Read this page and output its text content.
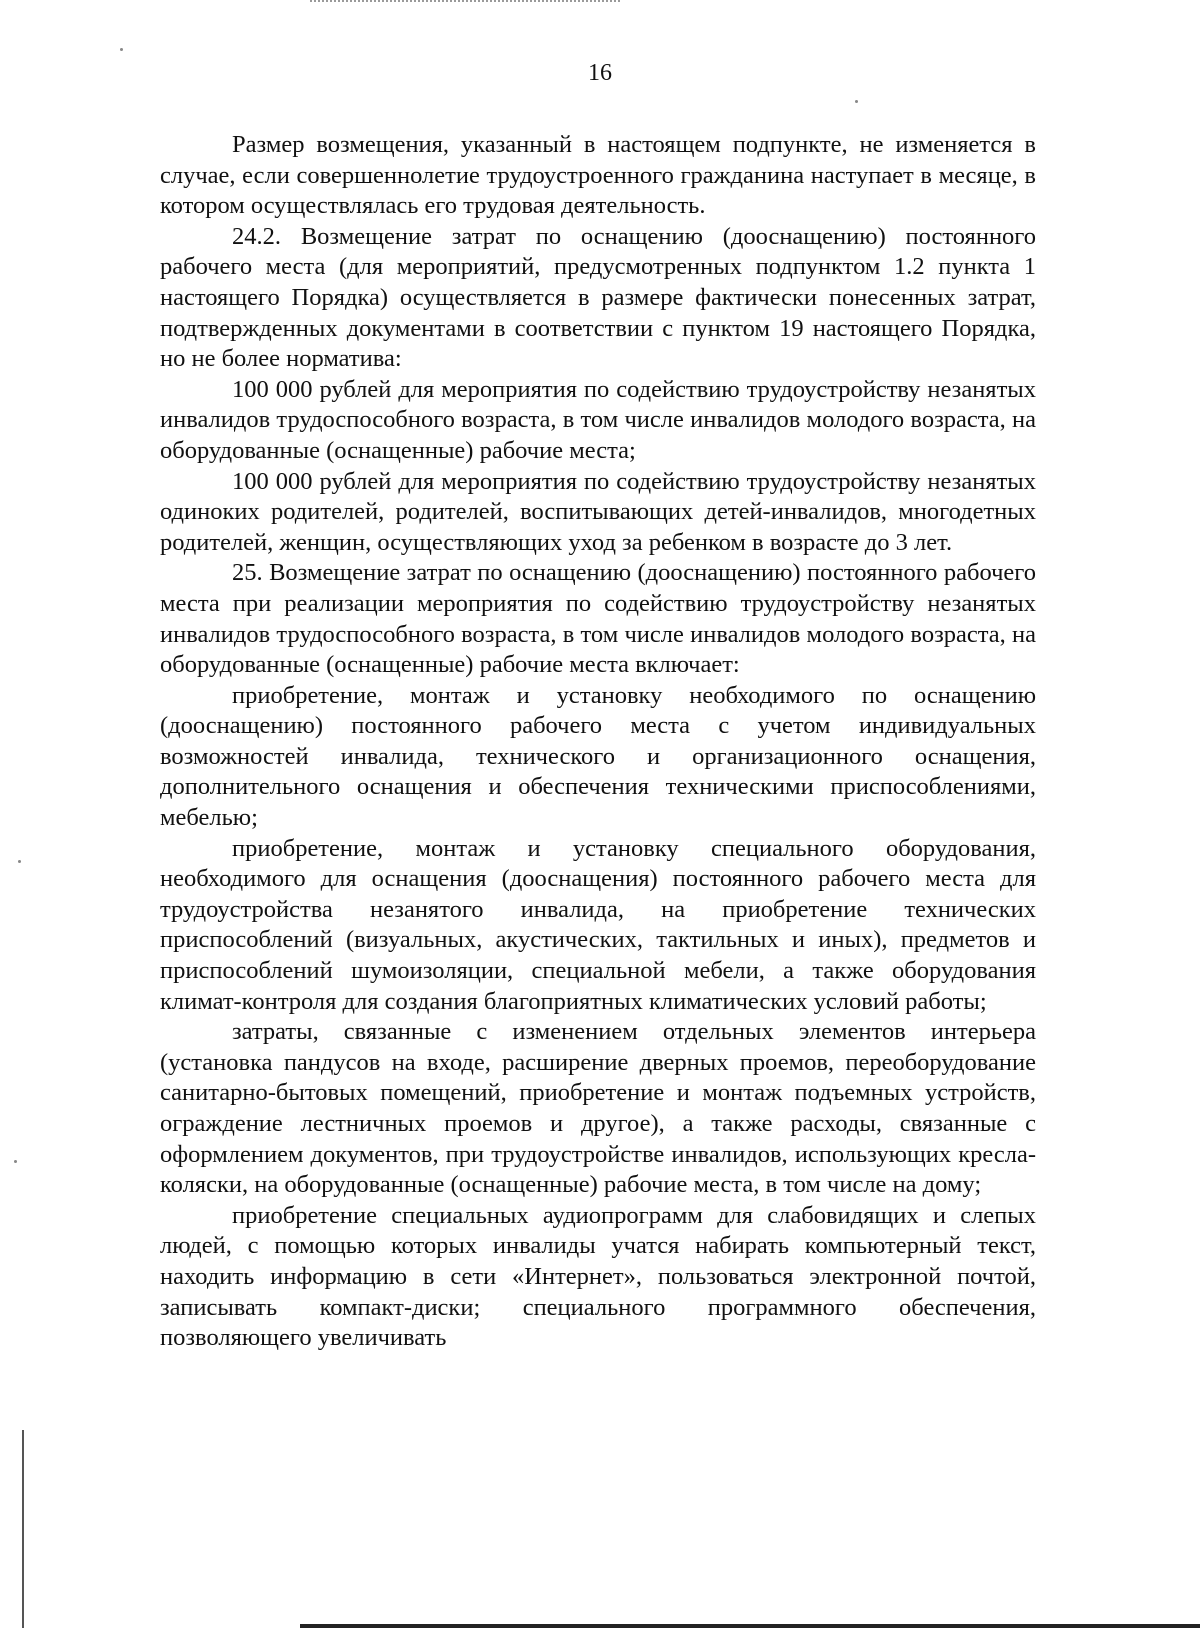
16

Размер возмещения, указанный в настоящем подпункте, не изменяется в случае, если совершеннолетие трудоустроенного гражданина наступает в месяце, в котором осуществлялась его трудовая деятельность.

24.2. Возмещение затрат по оснащению (дооснащению) постоянного рабочего места (для мероприятий, предусмотренных подпунктом 1.2 пункта 1 настоящего Порядка) осуществляется в размере фактически понесенных затрат, подтвержденных документами в соответствии с пунктом 19 настоящего Порядка, но не более норматива:

100 000 рублей для мероприятия по содействию трудоустройству незанятых инвалидов трудоспособного возраста, в том числе инвалидов молодого возраста, на оборудованные (оснащенные) рабочие места;

100 000 рублей для мероприятия по содействию трудоустройству незанятых одиноких родителей, родителей, воспитывающих детей-инвалидов, многодетных родителей, женщин, осуществляющих уход за ребенком в возрасте до 3 лет.

25. Возмещение затрат по оснащению (дооснащению) постоянного рабочего места при реализации мероприятия по содействию трудоустройству незанятых инвалидов трудоспособного возраста, в том числе инвалидов молодого возраста, на оборудованные (оснащенные) рабочие места включает:

приобретение, монтаж и установку необходимого по оснащению (дооснащению) постоянного рабочего места с учетом индивидуальных возможностей инвалида, технического и организационного оснащения, дополнительного оснащения и обеспечения техническими приспособлениями, мебелью;

приобретение, монтаж и установку специального оборудования, необходимого для оснащения (дооснащения) постоянного рабочего места для трудоустройства незанятого инвалида, на приобретение технических приспособлений (визуальных, акустических, тактильных и иных), предметов и приспособлений шумоизоляции, специальной мебели, а также оборудования климат-контроля для создания благоприятных климатических условий работы;

затраты, связанные с изменением отдельных элементов интерьера (установка пандусов на входе, расширение дверных проемов, переоборудование санитарно-бытовых помещений, приобретение и монтаж подъемных устройств, ограждение лестничных проемов и другое), а также расходы, связанные с оформлением документов, при трудоустройстве инвалидов, использующих кресла-коляски, на оборудованные (оснащенные) рабочие места, в том числе на дому;

приобретение специальных аудиопрограмм для слабовидящих и слепых людей, с помощью которых инвалиды учатся набирать компьютерный текст, находить информацию в сети «Интернет», пользоваться электронной почтой, записывать компакт-диски; специального программного обеспечения, позволяющего увеличивать
